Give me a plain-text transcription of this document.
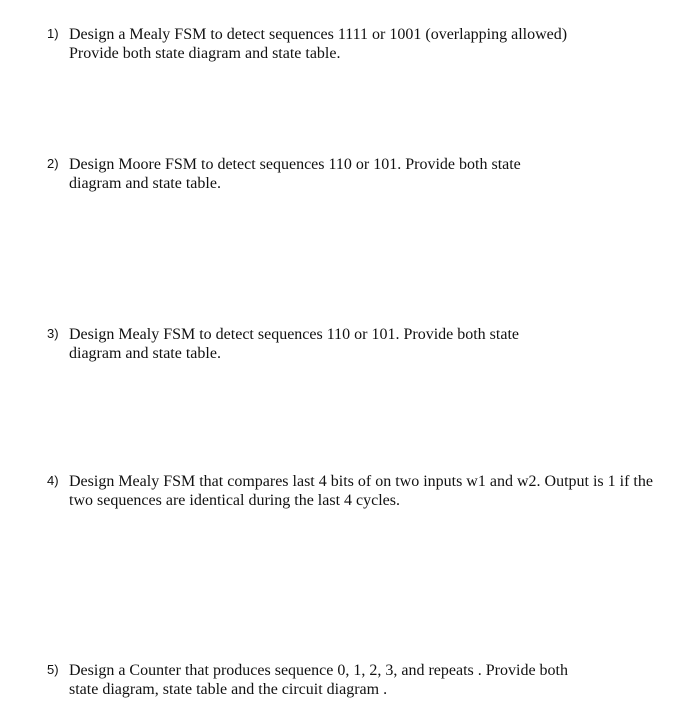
1) Design a Mealy FSM to detect sequences 1111 or 1001 (overlapping allowed)
Provide both state diagram and state table.
2) Design Moore FSM to detect sequences 110 or 101. Provide both state
diagram and state table.
3) Design Mealy FSM to detect sequences 110 or 101. Provide both state
diagram and state table.
4) Design Mealy FSM that compares last 4 bits of on two inputs w1 and w2. Output is 1 if the
two sequences are identical during the last 4 cycles.
5) Design a Counter that produces sequence 0, 1, 2, 3, and repeats . Provide both
state diagram, state table and the circuit diagram .
